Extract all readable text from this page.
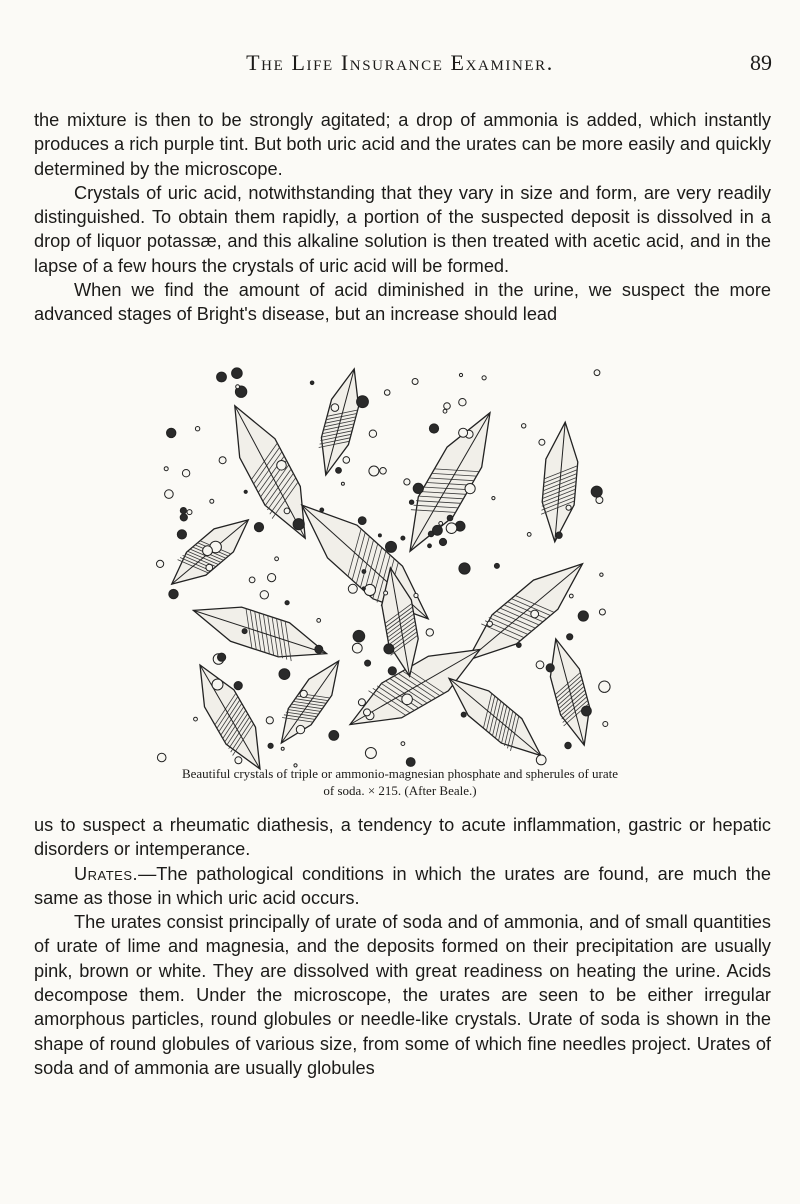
The Life Insurance Examiner.	89

the mixture is then to be strongly agitated; a drop of ammonia is added, which instantly produces a rich purple tint. But both uric acid and the urates can be more easily and quickly determined by the microscope.

Crystals of uric acid, notwithstanding that they vary in size and form, are very readily distinguished. To obtain them rapidly, a portion of the suspected deposit is dissolved in a drop of liquor potassæ, and this alkaline solution is then treated with acetic acid, and in the lapse of a few hours the crystals of uric acid will be formed.

When we find the amount of acid diminished in the urine, we suspect the more advanced stages of Bright's disease, but an increase should lead

Beautiful crystals of triple or ammonio-magnesian phosphate and spherules of urate
of soda. × 215. (After Beale.)

us to suspect a rheumatic diathesis, a tendency to acute inflammation, gastric or hepatic disorders or intemperance.

Urates.—The pathological conditions in which the urates are found, are much the same as those in which uric acid occurs.

The urates consist principally of urate of soda and of ammonia, and of small quantities of urate of lime and magnesia, and the deposits formed on their precipitation are usually pink, brown or white. They are dissolved with great readiness on heating the urine. Acids decompose them. Under the microscope, the urates are seen to be either irregular amorphous particles, round globules or needle-like crystals. Urate of soda is shown in the shape of round globules of various size, from some of which fine needles project. Urates of soda and of ammonia are usually globules
